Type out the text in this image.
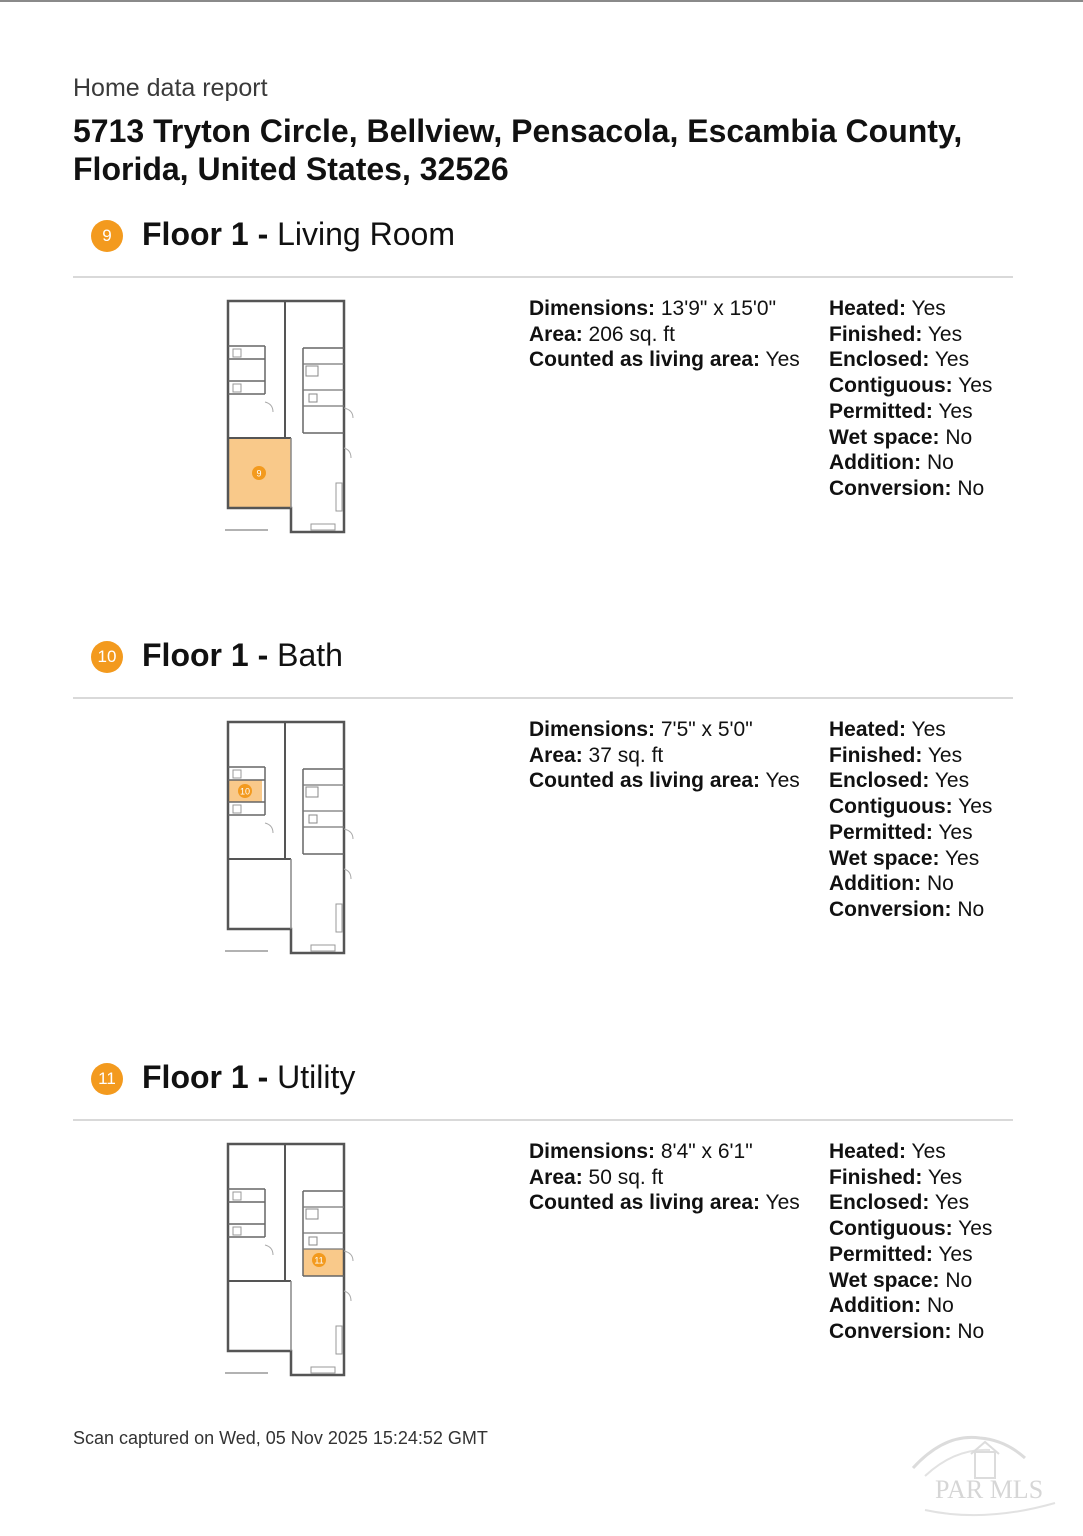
Home data report
5713 Tryton Circle, Bellview, Pensacola, Escambia County,
Florida, United States, 32526
9 Floor 1 - Living Room
9
Dimensions: 13'9" x 15'0"
Area: 206 sq. ft
Counted as living area: Yes
Heated: Yes
Finished: Yes
Enclosed: Yes
Contiguous: Yes
Permitted: Yes
Wet space: No
Addition: No
Conversion: No
10 Floor 1 - Bath
10
Dimensions: 7'5" x 5'0"
Area: 37 sq. ft
Counted as living area: Yes
Heated: Yes
Finished: Yes
Enclosed: Yes
Contiguous: Yes
Permitted: Yes
Wet space: Yes
Addition: No
Conversion: No
11 Floor 1 - Utility
11
Dimensions: 8'4" x 6'1"
Area: 50 sq. ft
Counted as living area: Yes
Heated: Yes
Finished: Yes
Enclosed: Yes
Contiguous: Yes
Permitted: Yes
Wet space: No
Addition: No
Conversion: No
Scan captured on Wed, 05 Nov 2025 15:24:52 GMT
PAR MLS
